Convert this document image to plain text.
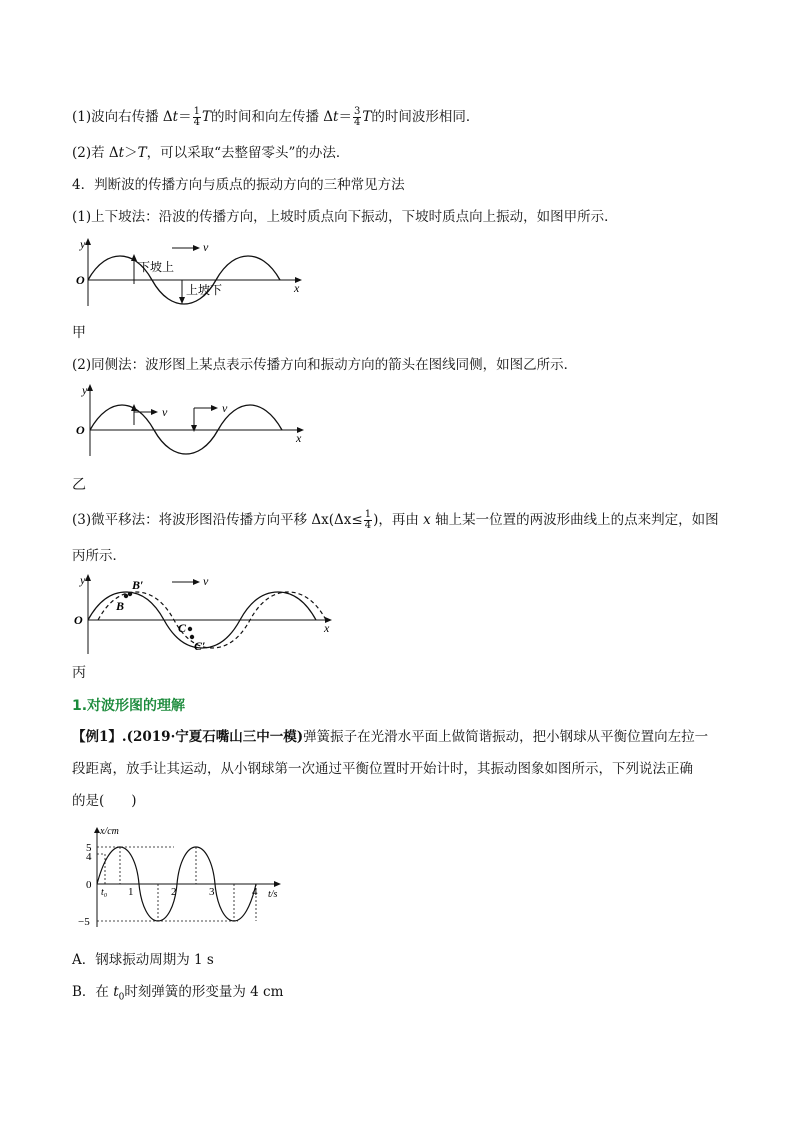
(1)波向右传播 $\Delta t= \frac{1}{4}$ T的时间和向左传播 $\Delta t= \frac{3}{4}$ T的时间波形相同．
(2)若 Δt＞T，可以采取“去整留零头”的办法．
4．判断波的传播方向与质点的振动方向的三种常见方法
(1)上下坡法：沿波的传播方向，上坡时质点向下振动，下坡时质点向上振动，如图甲所示．
y
O
x
v
下坡上
上坡下
甲
(2)同侧法：波形图上某点表示传播方向和振动方向的箭头在图线同侧，如图乙所示．
y
O
x
v	v
乙
(3)微平移法：将波形图沿传播方向平移 $\Delta x(\Delta x\le \frac{1}{4}$ )，再由 x 轴上某一位置的两波形曲线上的点来判定，如图
丙所示．
y
O
x
v
B
B′
C
C′
丙
1.对波形图的理解
【例1】.(2019·宁夏石嘴山三中一模)弹簧振子在光滑水平面上做简谐振动，把小钢球从平衡位置向左拉一
段距离，放手让其运动，从小钢球第一次通过平衡位置时开始计时，其振动图象如图所示，下列说法正确
的是(　　)
x/cm
t/s
5
4
0
−5
t₀ 1	2	3	4
A．钢球振动周期为 1 s
B．在 $t_0$时刻弹簧的形变量为 4 cm
